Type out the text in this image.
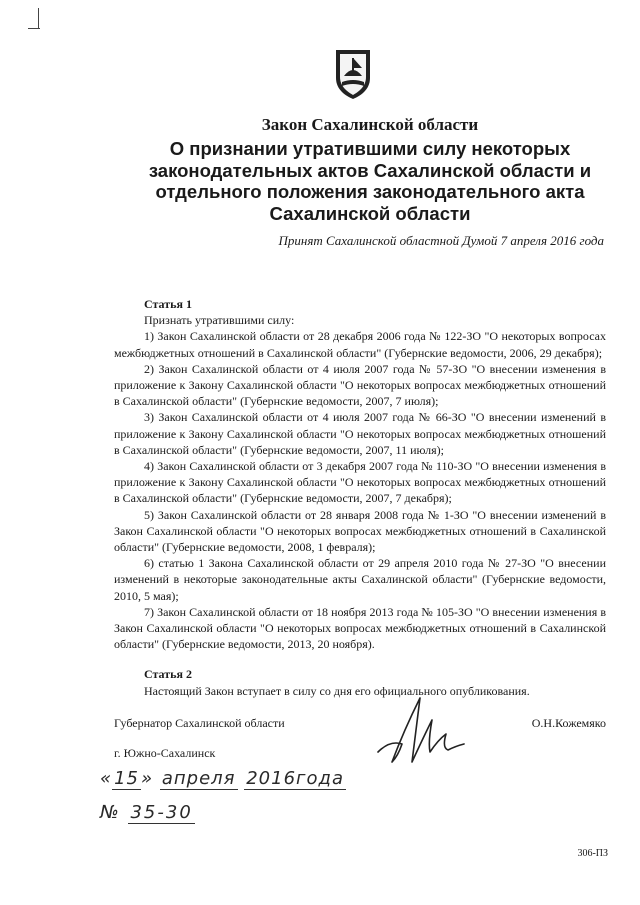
Закон Сахалинской области
О признании утратившими силу некоторых
законодательных актов Сахалинской области и
отдельного положения законодательного акта
Сахалинской области
Принят Сахалинской областной Думой 7 апреля 2016 года
Статья 1

Признать утратившими силу:

1) Закон Сахалинской области от 28 декабря 2006 года № 122-ЗО "О некоторых вопросах межбюджетных отношений в Сахалинской области" (Губернские ведомости, 2006, 29 декабря);

2) Закон Сахалинской области от 4 июля 2007 года № 57-ЗО "О внесении изменения в приложение к Закону Сахалинской области "О некоторых вопросах межбюджетных отношений в Сахалинской области" (Губернские ведомости, 2007, 7 июля);

3) Закон Сахалинской области от 4 июля 2007 года № 66-ЗО "О внесении изменений в приложение к Закону Сахалинской области "О некоторых вопросах межбюджетных отношений в Сахалинской области" (Губернские ведомости, 2007, 11 июля);

4) Закон Сахалинской области от 3 декабря 2007 года № 110-ЗО "О внесении изменения в приложение к Закону Сахалинской области "О некоторых вопросах межбюджетных отношений в Сахалинской области" (Губернские ведомости, 2007, 7 декабря);

5) Закон Сахалинской области от 28 января 2008 года № 1-ЗО "О внесении изменений в Закон Сахалинской области "О некоторых вопросах межбюджетных отношений в Сахалинской области" (Губернские ведомости, 2008, 1 февраля);

6) статью 1 Закона Сахалинской области от 29 апреля 2010 года № 27-ЗО "О внесении изменений в некоторые законодательные акты Сахалинской области" (Губернские ведомости, 2010, 5 мая);

7) Закон Сахалинской области от 18 ноября 2013 года № 105-ЗО "О внесении изменения в Закон Сахалинской области "О некоторых вопросах межбюджетных отношений в Сахалинской области" (Губернские ведомости, 2013, 20 ноября).

Статья 2

Настоящий Закон вступает в силу со дня его официального опубликования.

Губернатор Сахалинской области	О.Н.Кожемяко
г. Южно-Сахалинск
« 15 » апреля 2016года
№ 35-30
306-ПЗ
